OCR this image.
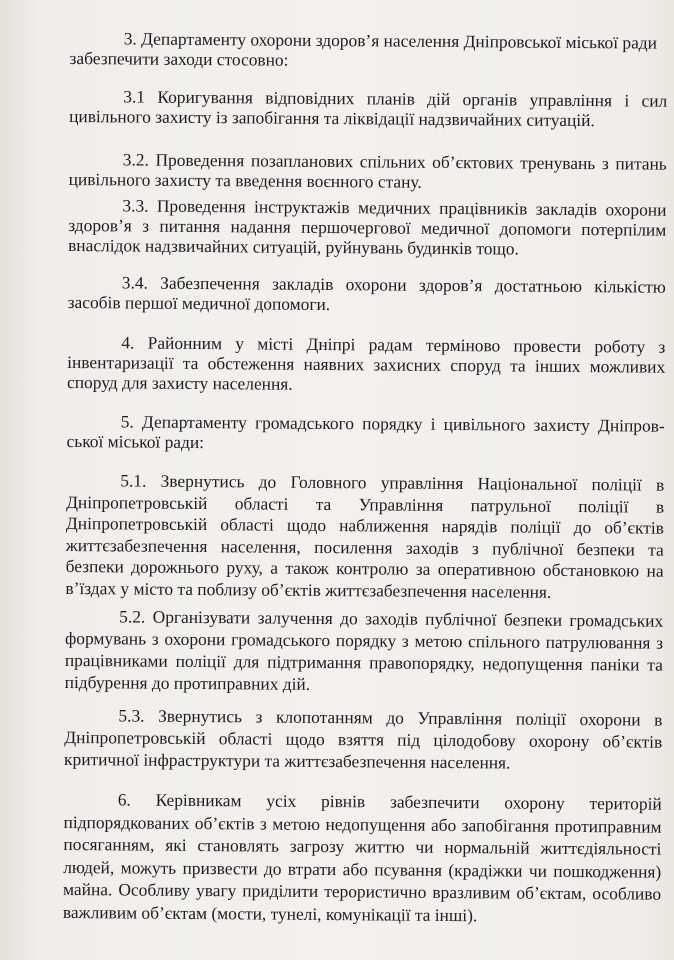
3. Департаменту охорони здоров’я населення Дніпровської міської ради
забезпечити заходи стосовно:
3.1 Коригування відповідних планів дій органів управління і сил
цивільного захисту із запобігання та ліквідації надзвичайних ситуацій.
3.2. Проведення позапланових спільних об’єктових тренувань з питань
цивільного захисту та введення воєнного стану.
3.3. Проведення інструктажів медичних працівників закладів охорони
здоров’я з питання надання першочергової медичної допомоги потерпілим
внаслідок надзвичайних ситуацій, руйнувань будинків тощо.
3.4. Забезпечення закладів охорони здоров’я достатньою кількістю
засобів першої медичної допомоги.
4. Районним у місті Дніпрі радам терміново провести роботу з
інвентаризації та обстеження наявних захисних споруд та інших можливих
споруд для захисту населення.
5. Департаменту громадського порядку і цивільного захисту Дніпров-
ської міської ради:
5.1. Звернутись до Головного управління Національної поліції в
Дніпропетровській області та Управління патрульної поліції в
Дніпропетровській області щодо наближення нарядів поліції до об’єктів
життєзабезпечення населення, посилення заходів з публічної безпеки та
безпеки дорожнього руху, а також контролю за оперативною обстановкою на
в’їздах у місто та поблизу об’єктів життєзабезпечення населення.
5.2. Організувати залучення до заходів публічної безпеки громадських
формувань з охорони громадського порядку з метою спільного патрулювання з
працівниками поліції для підтримання правопорядку, недопущення паніки та
підбурення до протиправних дій.
5.3. Звернутись з клопотанням до Управління поліції охорони в
Дніпропетровській області щодо взяття під цілодобову охорону об’єктів
критичної інфраструктури та життєзабезпечення населення.
6. Керівникам усіх рівнів забезпечити охорону територій
підпорядкованих об’єктів з метою недопущення або запобігання протиправним
посяганням, які становлять загрозу життю чи нормальній життєдіяльності
людей, можуть призвести до втрати або псування (крадіжки чи пошкодження)
майна. Особливу увагу приділити терористично вразливим об’єктам, особливо
важливим об’єктам (мости, тунелі, комунікації та інші).
